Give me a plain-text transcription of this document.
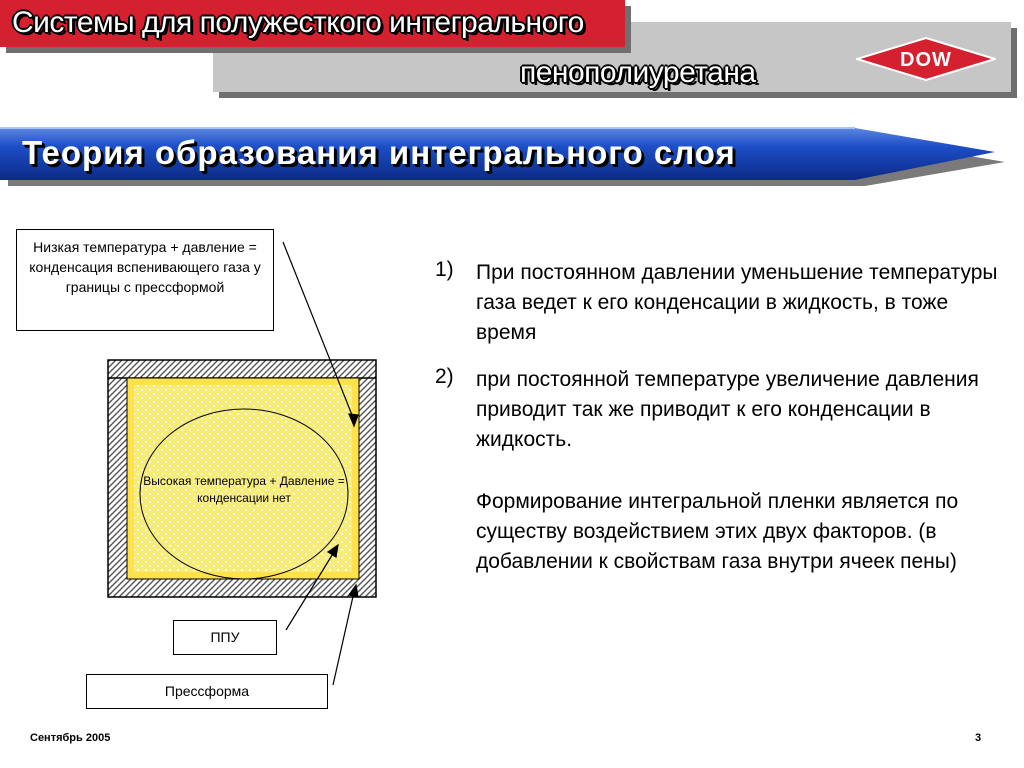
Системы для полужесткого интегрального
пенополиуретана	DOW
Теория образования интегрального слоя
Низкая температура + давление = конденсация вспенивающего газа у границы с прессформой
Высокая температура + Давление = конденсации нет
ППУ
Прессформа
1) При постоянном давлении уменьшение температуры газа ведет к его конденсации в жидкость, в тоже время
2) при постоянной температуре увеличение давления приводит так же приводит к его конденсации в жидкость.
Формирование интегральной пленки является по существу воздействием этих двух факторов. (в добавлении к свойствам газа внутри ячеек пены)
Сентябрь 2005	3
